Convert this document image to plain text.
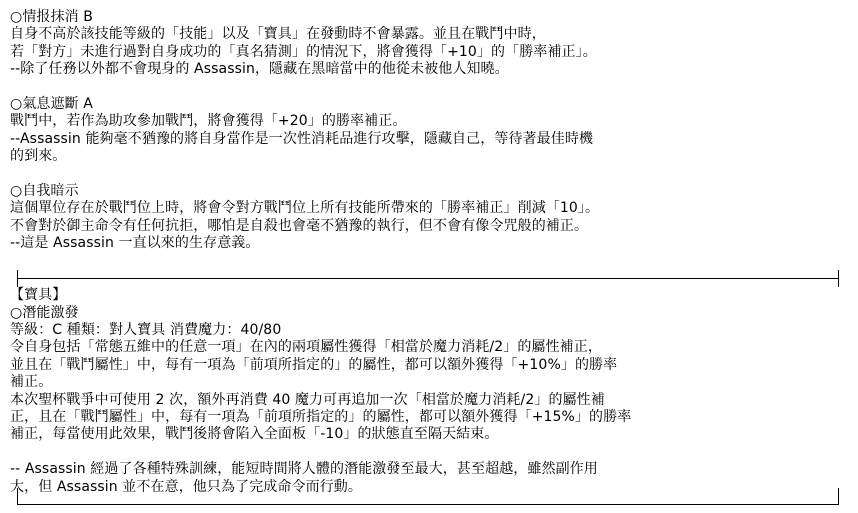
○情报抹消 B
自身不高於該技能等級的「技能」以及「寶具」在發動時不會暴露。並且在戰鬥中時，
若「對方」未進行過對自身成功的「真名猜測」的情況下，將會獲得「+10」的「勝率補正」。
--除了任務以外都不會現身的 Assassin，隱藏在黑暗當中的他從未被他人知曉。
○氣息遮斷 A
戰鬥中，若作為助攻參加戰鬥，將會獲得「+20」的勝率補正。
--Assassin 能夠毫不猶豫的將自身當作是一次性消耗品進行攻擊，隱藏自己，等待著最佳時機
的到來。
○自我暗示
這個單位存在於戰鬥位上時，將會令對方戰鬥位上所有技能所帶來的「勝率補正」削減「10」。
不會對於御主命令有任何抗拒，哪怕是自殺也會毫不猶豫的執行，但不會有像令咒般的補正。
--這是 Assassin 一直以來的生存意義。
【寶具】
○潛能激發
等級：C 種類：對人寶具 消費魔力：40/80
令自身包括「常態五維中的任意一項」在內的兩項屬性獲得「相當於魔力消耗/2」的屬性補正，
並且在「戰鬥屬性」中，每有一項為「前項所指定的」的屬性，都可以額外獲得「+10%」的勝率
補正。
本次聖杯戰爭中可使用 2 次，額外再消費 40 魔力可再追加一次「相當於魔力消耗/2」的屬性補
正，且在「戰鬥屬性」中，每有一項為「前項所指定的」的屬性，都可以額外獲得「+15%」的勝率
補正，每當使用此效果，戰鬥後將會陷入全面板「-10」的狀態直至隔天結束。
-- Assassin 經過了各種特殊訓練，能短時間將人體的潛能激發至最大，甚至超越，雖然副作用
大，但 Assassin 並不在意，他只為了完成命令而行動。
